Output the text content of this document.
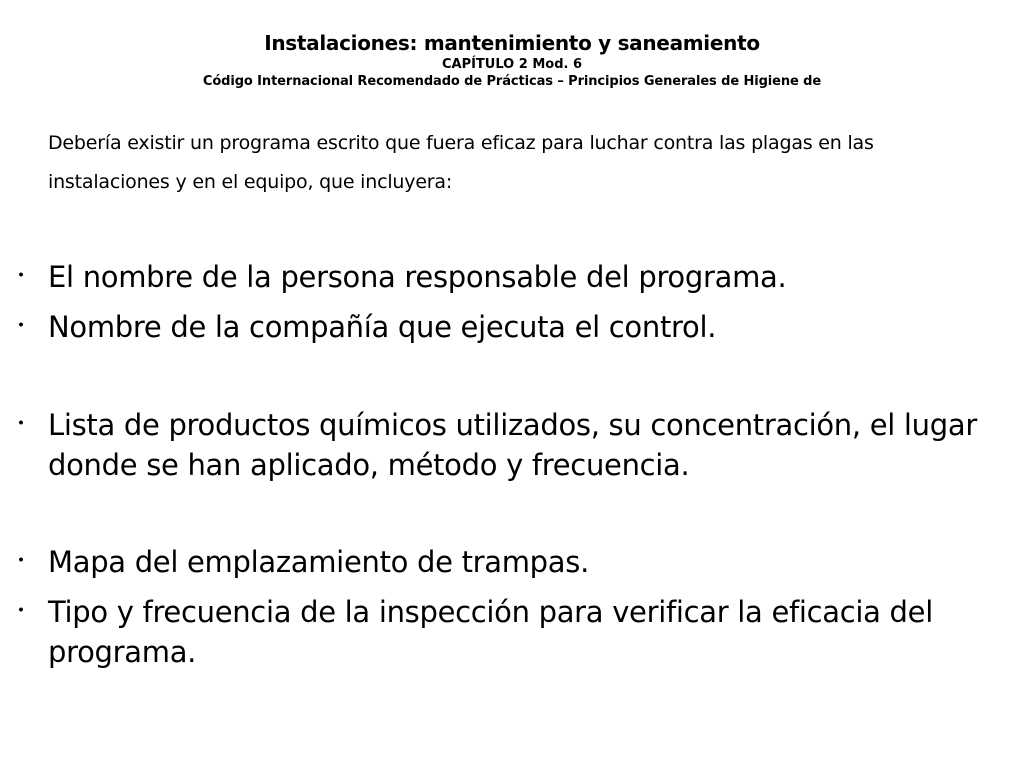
Instalaciones: mantenimiento y saneamiento
CAPÍTULO 2 Mod. 6
Código Internacional Recomendado de Prácticas – Principios Generales de Higiene de
Debería existir un programa escrito que fuera eficaz para luchar contra las plagas en las instalaciones y en el equipo, que incluyera:
・ El nombre de la persona responsable del programa.
・ Nombre de la compañía que ejecuta el control.
・ Lista de productos químicos utilizados, su concentración, el lugar donde se han aplicado, método y frecuencia.
・ Mapa del emplazamiento de trampas.
・ Tipo y frecuencia de la inspección para verificar la eficacia del programa.
